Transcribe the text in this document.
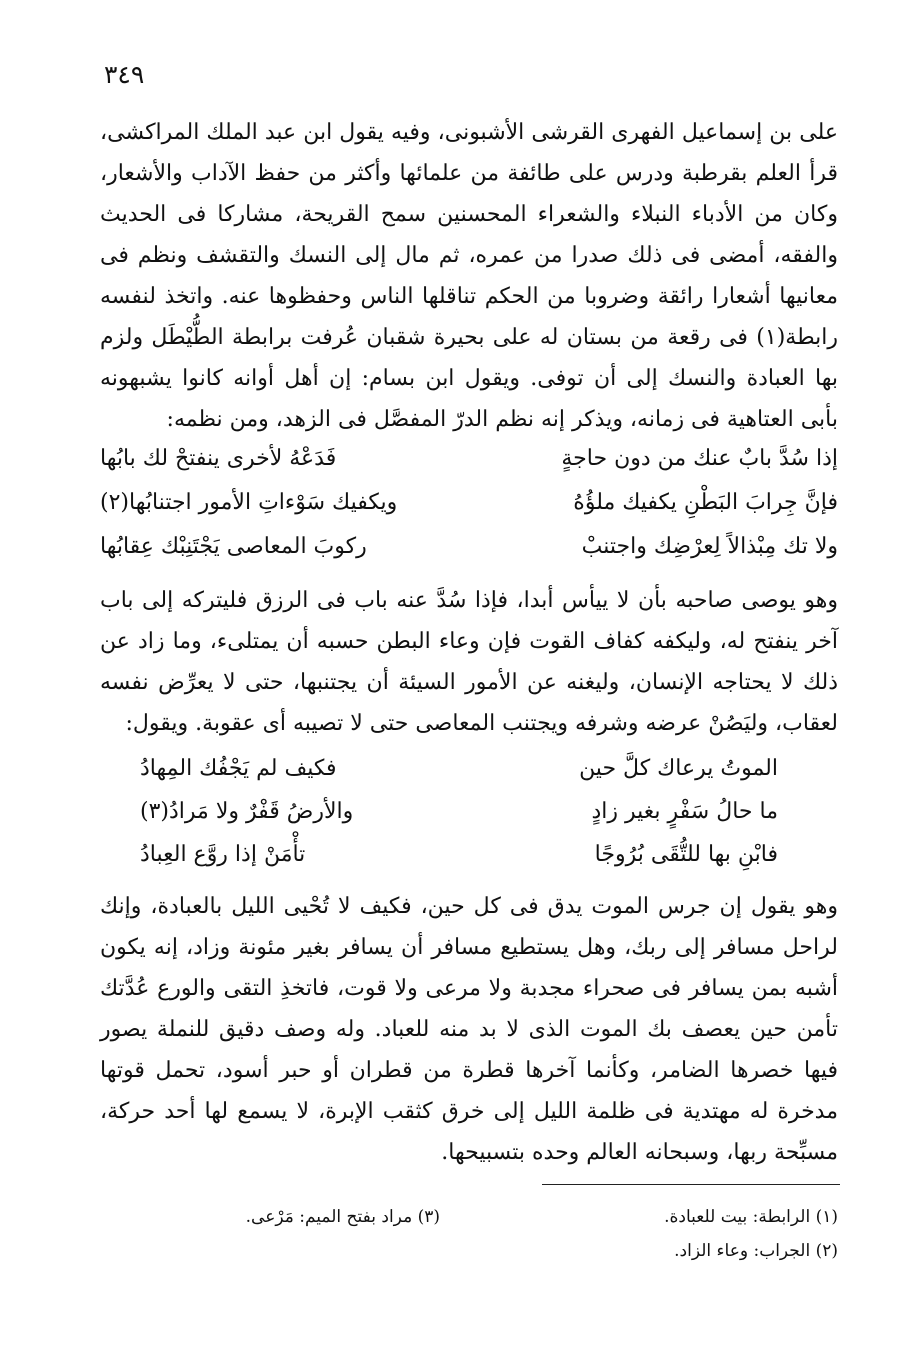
٣٤٩

على بن إسماعيل الفهرى القرشى الأشبونى، وفيه يقول ابن عبد الملك المراكشى، قرأ العلم بقرطبة ودرس على طائفة من علمائها وأكثر من حفظ الآداب والأشعار، وكان من الأدباء النبلاء والشعراء المحسنين سمح القريحة، مشاركا فى الحديث والفقه، أمضى فى ذلك صدرا من عمره، ثم مال إلى النسك والتقشف ونظم فى معانيها أشعارا رائقة وضروبا من الحكم تناقلها الناس وحفظوها عنه. واتخذ لنفسه رابطة(١) فى رقعة من بستان له على بحيرة شقبان عُرفت برابطة الطُّيْطَل ولزم بها العبادة والنسك إلى أن توفى. ويقول ابن بسام: إن أهل أوانه كانوا يشبهونه بأبى العتاهية فى زمانه، ويذكر إنه نظم الدرّ المفصَّل فى الزهد، ومن نظمه:

إذا سُدَّ بابٌ عنك من دون حاجةٍ
فَدَعْهُ لأخرى ينفتحْ لك بابُها
فإنَّ جِرابَ البَطْنِ يكفيك ملؤُهُ
ويكفيك سَوْءاتِ الأمور اجتنابُها(٢)
ولا تك مِبْذالاً لِعرْضِك واجتنبْ
ركوبَ المعاصى يَجْتَنِبْك عِقابُها

وهو يوصى صاحبه بأن لا ييأس أبدا، فإذا سُدَّ عنه باب فى الرزق فليتركه إلى باب آخر ينفتح له، وليكفه كفاف القوت فإن وعاء البطن حسبه أن يمتلىء، وما زاد عن ذلك لا يحتاجه الإنسان، وليغنه عن الأمور السيئة أن يجتنبها، حتى لا يعرِّض نفسه لعقاب، وليَصُنْ عرضه وشرفه ويجتنب المعاصى حتى لا تصيبه أى عقوبة. ويقول:

الموتُ يرعاك كلَّ حين
فكيف لم يَجْفُك المِهادُ
ما حالُ سَفْرٍ بغير زادٍ
والأرضُ قَفْرٌ ولا مَرادُ(٣)
فابْنِ بها للتُّقَى بُرُوجًا
تأْمَنْ إذا روَّع العِبادُ

وهو يقول إن جرس الموت يدق فى كل حين، فكيف لا تُحْيى الليل بالعبادة، وإنك لراحل مسافر إلى ربك، وهل يستطيع مسافر أن يسافر بغير مئونة وزاد، إنه يكون أشبه بمن يسافر فى صحراء مجدبة ولا مرعى ولا قوت، فاتخذِ التقى والورع عُدَّتك تأمن حين يعصف بك الموت الذى لا بد منه للعباد. وله وصف دقيق للنملة يصور فيها خصرها الضامر، وكأنما آخرها قطرة من قطران أو حبر أسود، تحمل قوتها مدخرة له مهتدية فى ظلمة الليل إلى خرق كثقب الإبرة، لا يسمع لها أحد حركة، مسبِّحة ربها، وسبحانه العالم وحده بتسبيحها.

(١) الرابطة: بيت للعبادة.
(٢) الجراب: وعاء الزاد.
(٣) مراد بفتح الميم: مَرْعى.
